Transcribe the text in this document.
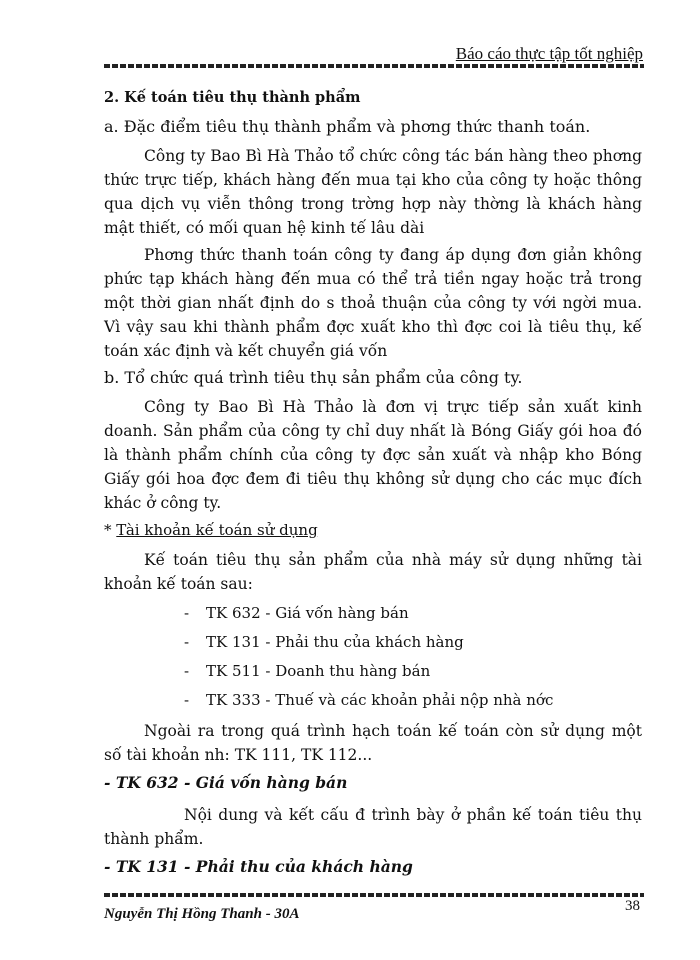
Báo cáo thực tập tốt nghiệp
2. Kế toán tiêu thụ thành phẩm
a. Đặc điểm tiêu thụ thành phẩm và phơng thức thanh toán.

Công ty Bao Bì Hà Thảo tổ chức công tác bán hàng theo phơng thức trực tiếp, khách hàng đến mua tại kho của công ty hoặc thông qua dịch vụ viễn thông trong trờng hợp này thờng là khách hàng mật thiết, có mối quan hệ kinh tế lâu dài

Phơng thức thanh toán công ty đang áp dụng đơn giản không phức tạp khách hàng đến mua có thể trả tiền ngay hoặc trả trong một thời gian nhất định do s thoả thuận của công ty với ngời mua. Vì vậy sau khi thành phẩm đợc xuất kho thì đợc coi là tiêu thụ, kế toán xác định và kết chuyển giá vốn

b. Tổ chức quá trình tiêu thụ sản phẩm của công ty.

Công ty Bao Bì Hà Thảo là đơn vị trực tiếp sản xuất kinh doanh. Sản phẩm của công ty chỉ duy nhất là Bóng Giấy gói hoa đó là thành phẩm chính của công ty đợc sản xuất và nhập kho Bóng Giấy gói hoa đợc đem đi tiêu thụ không sử dụng cho các mục đích khác ở công ty.

* Tài khoản kế toán sử dụng

Kế toán tiêu thụ sản phẩm của nhà máy sử dụng những tài khoản kế toán sau:

- TK 632 - Giá vốn hàng bán
- TK 131 - Phải thu của khách hàng
- TK 511 - Doanh thu hàng bán
- TK 333 - Thuế và các khoản phải nộp nhà nớc

Ngoài ra trong quá trình hạch toán kế toán còn sử dụng một số tài khoản nh: TK 111, TK 112...

- TK 632 - Giá vốn hàng bán

Nội dung và kết cấu đ trình bày ở phần kế toán tiêu thụ thành phẩm.

- TK 131 - Phải thu của khách hàng
Nguyễn Thị Hồng Thanh - 30A	38
